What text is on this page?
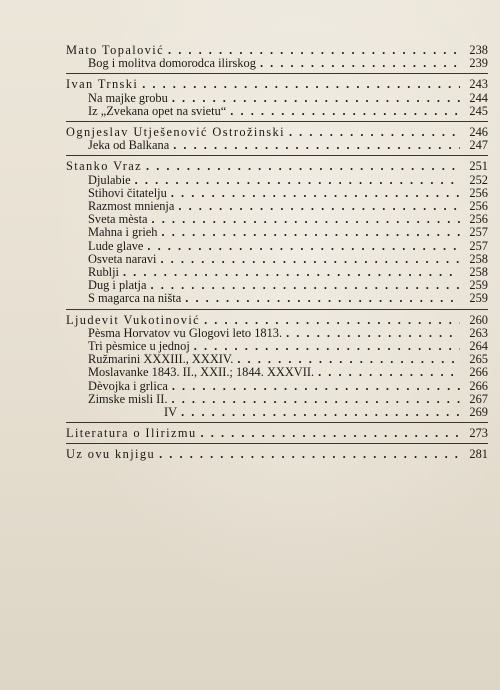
Mato Topalović . . .	238
Bog i molitva domorodca ilirskog . . .	239
Ivan Trnski . . .	243
Na majke grobu . . .	244
Iz „Zvekana opet na svietu“ . . .	245
Ognjeslav Utješenović Ostrožinski . . .	246
Jeka od Balkana . . .	247
Stanko Vraz . . .	251
Djulabie . . .	252
Stihovi čitatelju . . .	256
Razmost mnienja . . .	256
Sveta mèsta . . .	256
Mahna i grieh . . .	257
Lude glave . . .	257
Osveta naravi . . .	258
Rublji . . .	258
Dug i platja . . .	259
S magarca na ništa . . .	259
Ljudevit Vukotinović . . .	260
Pèsma Horvatov vu Glogovi leto 1813. . . .	263
Tri pèsmice u jednoj . . .	264
Ružmarini XXXIII., XXXIV. . . .	265
Moslavanke 1843. II., XXII.; 1844. XXXVII. . . .	266
Dèvojka i grlica . . .	266
Zimske misli II. . . .	267
IV . . .	269
Literatura o Ilirizmu . . .	273
Uz ovu knjigu . . .	281
